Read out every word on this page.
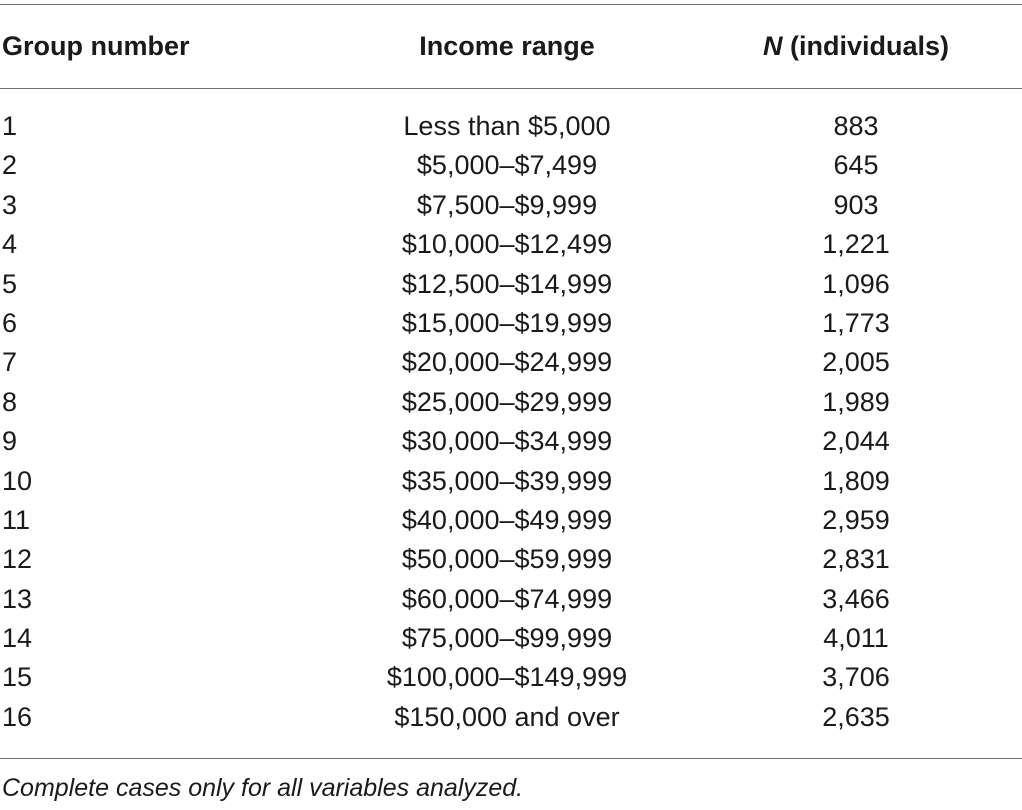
Group number	Income range	N (individuals)
1	Less than $5,000	883
2	$5,000–$7,499	645
3	$7,500–$9,999	903
4	$10,000–$12,499	1,221
5	$12,500–$14,999	1,096
6	$15,000–$19,999	1,773
7	$20,000–$24,999	2,005
8	$25,000–$29,999	1,989
9	$30,000–$34,999	2,044
10	$35,000–$39,999	1,809
11	$40,000–$49,999	2,959
12	$50,000–$59,999	2,831
13	$60,000–$74,999	3,466
14	$75,000–$99,999	4,011
15	$100,000–$149,999	3,706
16	$150,000 and over	2,635
Complete cases only for all variables analyzed.
